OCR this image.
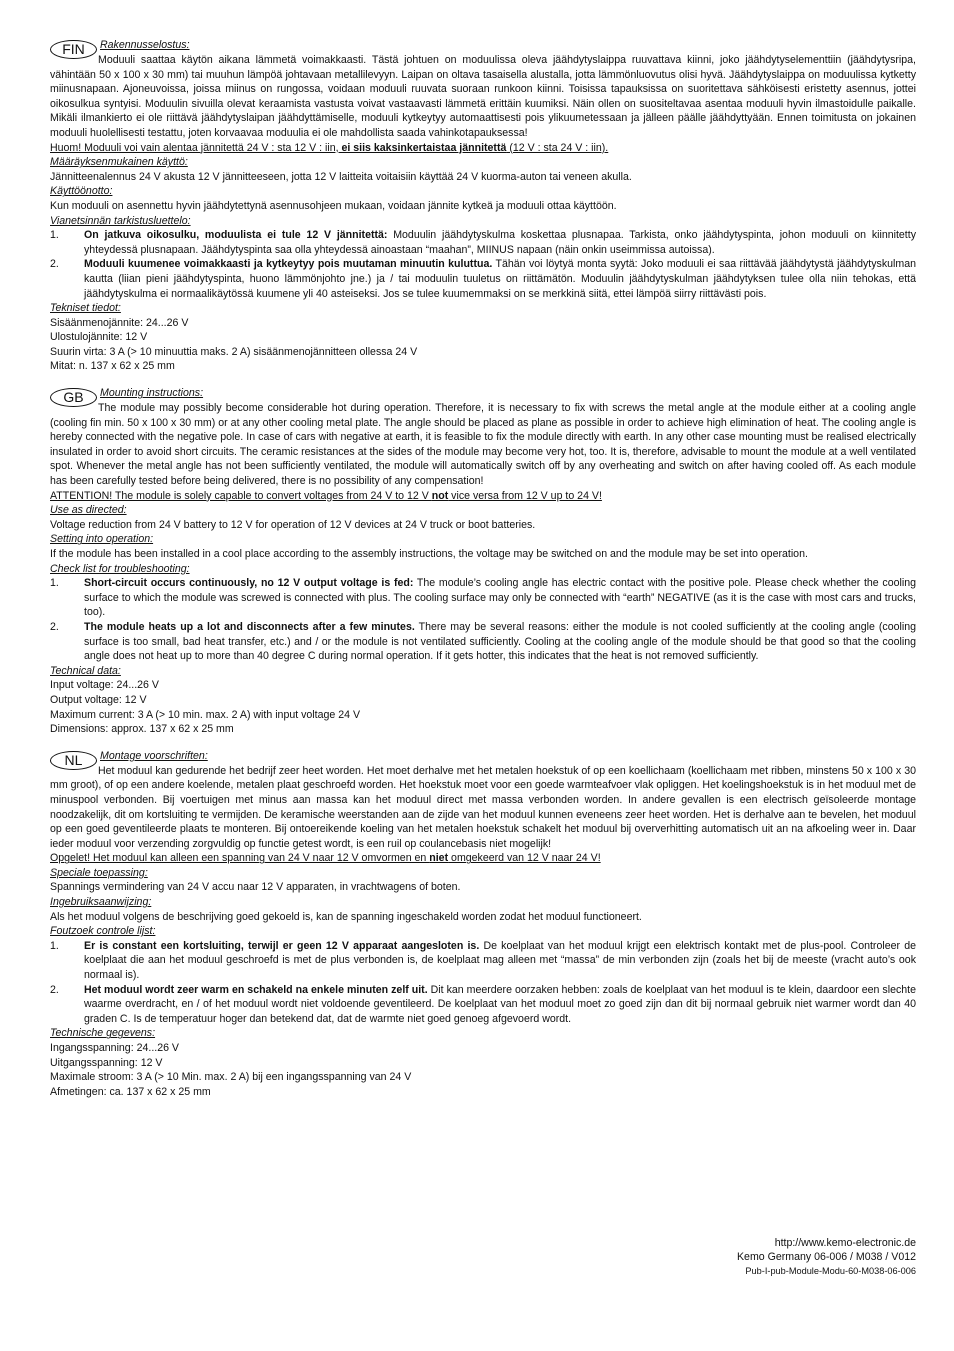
FIN	Rakennusselostus:

Moduuli saattaa käytön aikana lämmetä voimakkaasti. Tästä johtuen on moduulissa oleva jäähdytyslaippa ruuvattava kiinni, joko jäähdytyselementtiin (jäähdytysripa, vähintään 50 x 100 x 30 mm) tai muuhun lämpöä johtavaan metallilevyyn. Laipan on oltava tasaisella alustalla, jotta lämmönluovutus olisi hyvä. Jäähdytyslaippa on moduulissa kytketty miinusnapaan. Ajoneuvoissa, joissa miinus on rungossa, voidaan moduuli ruuvata suoraan runkoon kiinni. Toisissa tapauksissa on suoritettava sähköisesti eristetty asennus, jottei oikosulkua syntyisi. Moduulin sivuilla olevat keraamista vastusta voivat vastaavasti lämmetä erittäin kuumiksi. Näin ollen on suositeltavaa asentaa moduuli hyvin ilmastoidulle paikalle. Mikäli ilmankierto ei ole riittävä jäähdytyslaipan jäähdyttämiselle, moduuli kytkeytyy automaattisesti pois ylikuumetessaan ja jälleen päälle jäähdyttyään. Ennen toimitusta on jokainen moduuli huolellisesti testattu, joten korvaavaa moduulia ei ole mahdollista saada vahinkotapauksessa!

Huom! Moduuli voi vain alentaa jännitettä 24 V : sta 12 V : iin, ei siis kaksinkertaistaa jännitettä (12 V : sta 24 V : iin).

Määräyksenmukainen käyttö:

Jännitteenalennus 24 V akusta 12 V jännitteeseen, jotta 12 V laitteita voitaisiin käyttää 24 V kuorma-auton tai veneen akulla.

Käyttöönotto:

Kun moduuli on asennettu hyvin jäähdytettynä asennusohjeen mukaan, voidaan jännite kytkeä ja moduuli ottaa käyttöön.

Vianetsinnän tarkistusluettelo:

1. On jatkuva oikosulku, moduulista ei tule 12 V jännitettä: Moduulin jäähdytyskulma koskettaa plusnapaa. Tarkista, onko jäähdytyspinta, johon moduuli on kiinnitetty yhteydessä plusnapaan. Jäähdytyspinta saa olla yhteydessä ainoastaan “maahan”, MIINUS napaan (näin onkin useimmissa autoissa).
2. Moduuli kuumenee voimakkaasti ja kytkeytyy pois muutaman minuutin kuluttua. Tähän voi löytyä monta syytä: Joko moduuli ei saa riittävää jäähdytystä jäähdytyskulman kautta (liian pieni jäähdytyspinta, huono lämmönjohto jne.) ja / tai moduulin tuuletus on riittämätön. Moduulin jäähdytyskulman jäähdytyksen tulee olla niin tehokas, että jäähdytyskulma ei normaalikäytössä kuumene yli 40 asteiseksi. Jos se tulee kuumemmaksi on se merkkinä siitä, ettei lämpöä siirry riittävästi pois.

Tekniset tiedot:

Sisäänmenojännite: 24...26 V

Ulostulojännite: 12 V

Suurin virta: 3 A (> 10 minuuttia maks. 2 A) sisäänmenojännitteen ollessa 24 V

Mitat: n. 137 x 62 x 25 mm

GB	Mounting instructions:

The module may possibly become considerable hot during operation. Therefore, it is necessary to fix with screws the metal angle at the module either at a cooling angle (cooling fin min. 50 x 100 x 30 mm) or at any other cooling metal plate. The angle should be placed as plane as possible in order to achieve high elimination of heat. The cooling angle is hereby connected with the negative pole. In case of cars with negative at earth, it is feasible to fix the module directly with earth. In any other case mounting must be realised electrically insulated in order to avoid short circuits. The ceramic resistances at the sides of the module may become very hot, too. It is, therefore, advisable to mount the module at a well ventilated spot. Whenever the metal angle has not been sufficiently ventilated, the module will automatically switch off by any overheating and switch on after having cooled off. As each module has been carefully tested before being delivered, there is no possibility of any compensation!

ATTENTION! The module is solely capable to convert voltages from 24 V to 12 V not vice versa from 12 V up to 24 V!

Use as directed:

Voltage reduction from 24 V battery to 12 V for operation of 12 V devices at 24 V truck or boot batteries.

Setting into operation:

If the module has been installed in a cool place according to the assembly instructions, the voltage may be switched on and the module may be set into operation.

Check list for troubleshooting:

1. Short-circuit occurs continuously, no 12 V output voltage is fed: The module’s cooling angle has electric contact with the positive pole. Please check whether the cooling surface to which the module was screwed is connected with plus. The cooling surface may only be connected with “earth” NEGATIVE (as it is the case with most cars and trucks, too).
2. The module heats up a lot and disconnects after a few minutes. There may be several reasons: either the module is not cooled sufficiently at the cooling angle (cooling surface is too small, bad heat transfer, etc.) and / or the module is not ventilated sufficiently. Cooling at the cooling angle of the module should be that good so that the cooling angle does not heat up to more than 40 degree C during normal operation. If it gets hotter, this indicates that the heat is not removed sufficiently.

Technical data:

Input voltage: 24...26 V

Output voltage: 12 V

Maximum current: 3 A (> 10 min. max. 2 A) with input voltage 24 V

Dimensions: approx. 137 x 62 x 25 mm

NL	Montage voorschriften:

Het moduul kan gedurende het bedrijf zeer heet worden. Het moet derhalve met het metalen hoekstuk of op een koellichaam (koellichaam met ribben, minstens 50 x 100 x 30 mm groot), of op een andere koelende, metalen plaat geschroefd worden. Het hoekstuk moet voor een goede warmteafvoer vlak opliggen. Het koelingshoekstuk is in het moduul met de minuspool verbonden. Bij voertuigen met minus aan massa kan het moduul direct met massa verbonden worden. In andere gevallen is een electrisch geïsoleerde montage noodzakelijk, dit om kortsluiting te vermijden. De keramische weerstanden aan de zijde van het moduul kunnen eveneens zeer heet worden. Het is derhalve aan te bevelen, het moduul op een goed geventileerde plaats te monteren. Bij ontoereikende koeling van het metalen hoekstuk schakelt het moduul bij oververhitting automatisch uit an na afkoeling weer in. Daar ieder moduul voor verzending zorgvuldig op functie getest wordt, is een ruil op coulancebasis niet mogelijk!

Opgelet! Het moduul kan alleen een spanning van 24 V naar 12 V omvormen en niet omgekeerd van 12 V naar 24 V!

Speciale toepassing:

Spannings vermindering van 24 V accu naar 12 V apparaten, in vrachtwagens of boten.

Ingebruiksaanwijzing:

Als het moduul volgens de beschrijving goed gekoeld is, kan de spanning ingeschakeld worden zodat het moduul functioneert.

Foutzoek controle lijst:

1. Er is constant een kortsluiting, terwijl er geen 12 V apparaat aangesloten is. De koelplaat van het moduul krijgt een elektrisch kontakt met de plus-pool. Controleer de koelplaat die aan het moduul geschroefd is met de plus verbonden is, de koelplaat mag alleen met “massa” de min verbonden zijn (zoals het bij de meeste (vracht auto’s ook normaal is).
2. Het moduul wordt zeer warm en schakeld na enkele minuten zelf uit. Dit kan meerdere oorzaken hebben: zoals de koelplaat van het moduul is te klein, daardoor een slechte waarme overdracht, en / of het moduul wordt niet voldoende geventileerd. De koelplaat van het moduul moet zo goed zijn dan dit bij normaal gebruik niet warmer wordt dan 40 graden C. Is de temperatuur hoger dan betekend dat, dat de warmte niet goed genoeg afgevoerd wordt.

Technische gegevens:

Ingangsspanning: 24...26 V

Uitgangsspanning: 12 V

Maximale stroom: 3 A (> 10 Min. max. 2 A) bij een ingangsspanning van 24 V

Afmetingen: ca. 137 x 62 x 25 mm

http://www.kemo-electronic.de
Kemo Germany 06-006 / M038 / V012
Pub-I-pub-Module-Modu-60-M038-06-006
